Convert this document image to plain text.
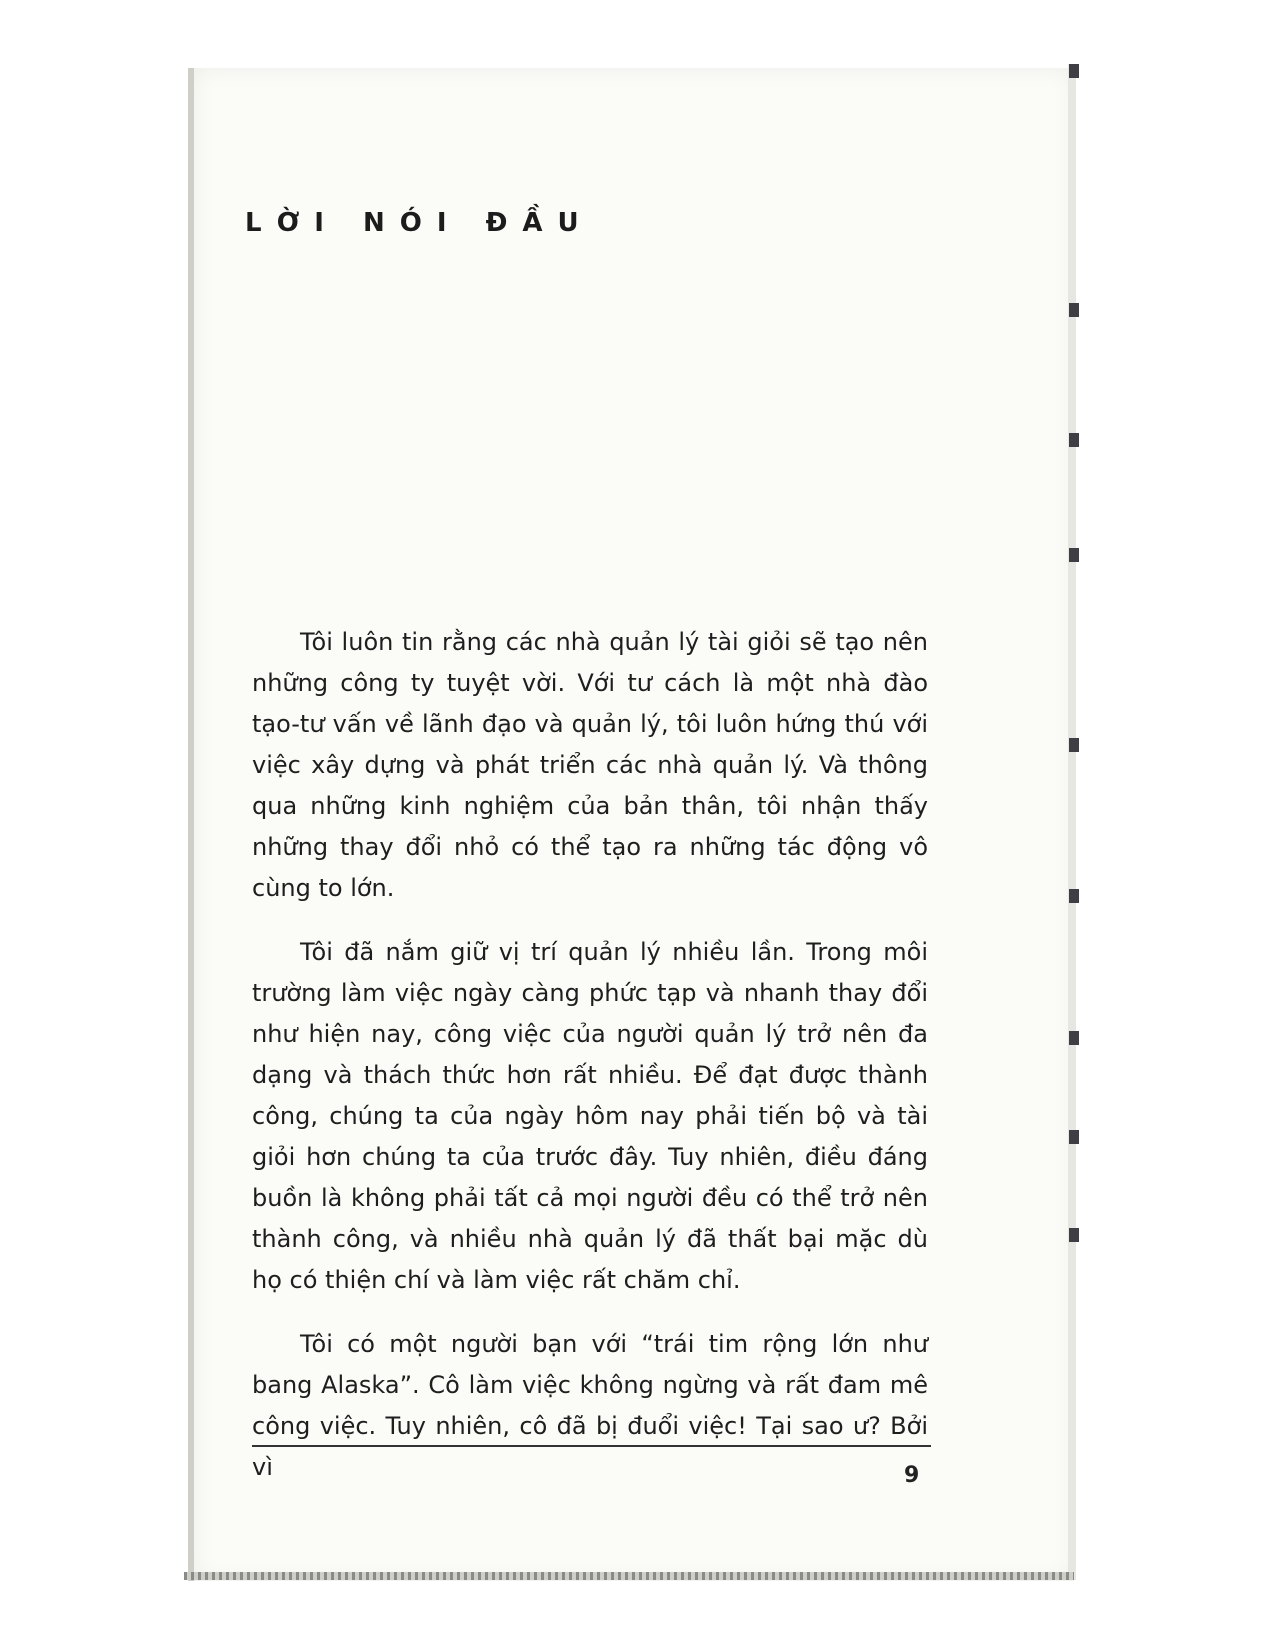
LỜI NÓI ĐẦU

Tôi luôn tin rằng các nhà quản lý tài giỏi sẽ tạo nên những công ty tuyệt vời. Với tư cách là một nhà đào tạo-tư vấn về lãnh đạo và quản lý, tôi luôn hứng thú với việc xây dựng và phát triển các nhà quản lý. Và thông qua những kinh nghiệm của bản thân, tôi nhận thấy những thay đổi nhỏ có thể tạo ra những tác động vô cùng to lớn.

Tôi đã nắm giữ vị trí quản lý nhiều lần. Trong môi trường làm việc ngày càng phức tạp và nhanh thay đổi như hiện nay, công việc của người quản lý trở nên đa dạng và thách thức hơn rất nhiều. Để đạt được thành công, chúng ta của ngày hôm nay phải tiến bộ và tài giỏi hơn chúng ta của trước đây. Tuy nhiên, điều đáng buồn là không phải tất cả mọi người đều có thể trở nên thành công, và nhiều nhà quản lý đã thất bại mặc dù họ có thiện chí và làm việc rất chăm chỉ.

Tôi có một người bạn với “trái tim rộng lớn như bang Alaska”. Cô làm việc không ngừng và rất đam mê công việc. Tuy nhiên, cô đã bị đuổi việc! Tại sao ư? Bởi vì	9
